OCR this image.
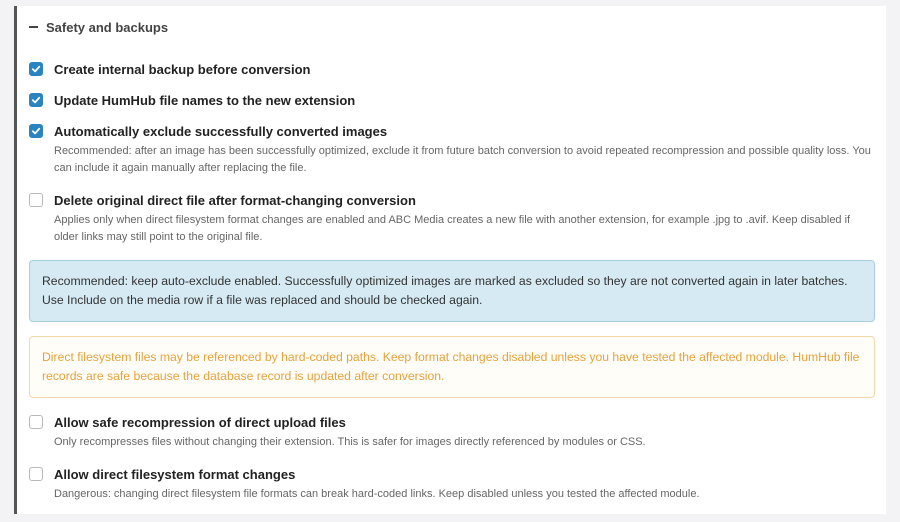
Safety and backups
Create internal backup before conversion
Update HumHub file names to the new extension
Automatically exclude successfully converted images
Recommended: after an image has been successfully optimized, exclude it from future batch conversion to avoid repeated recompression and possible quality loss. You can include it again manually after replacing the file.
Delete original direct file after format-changing conversion
Applies only when direct filesystem format changes are enabled and ABC Media creates a new file with another extension, for example .jpg to .avif. Keep disabled if older links may still point to the original file.
Recommended: keep auto-exclude enabled. Successfully optimized images are marked as excluded so they are not converted again in later batches. Use Include on the media row if a file was replaced and should be checked again.
Direct filesystem files may be referenced by hard-coded paths. Keep format changes disabled unless you have tested the affected module. HumHub file records are safe because the database record is updated after conversion.
Allow safe recompression of direct upload files
Only recompresses files without changing their extension. This is safer for images directly referenced by modules or CSS.
Allow direct filesystem format changes
Dangerous: changing direct filesystem file formats can break hard-coded links. Keep disabled unless you tested the affected module.
